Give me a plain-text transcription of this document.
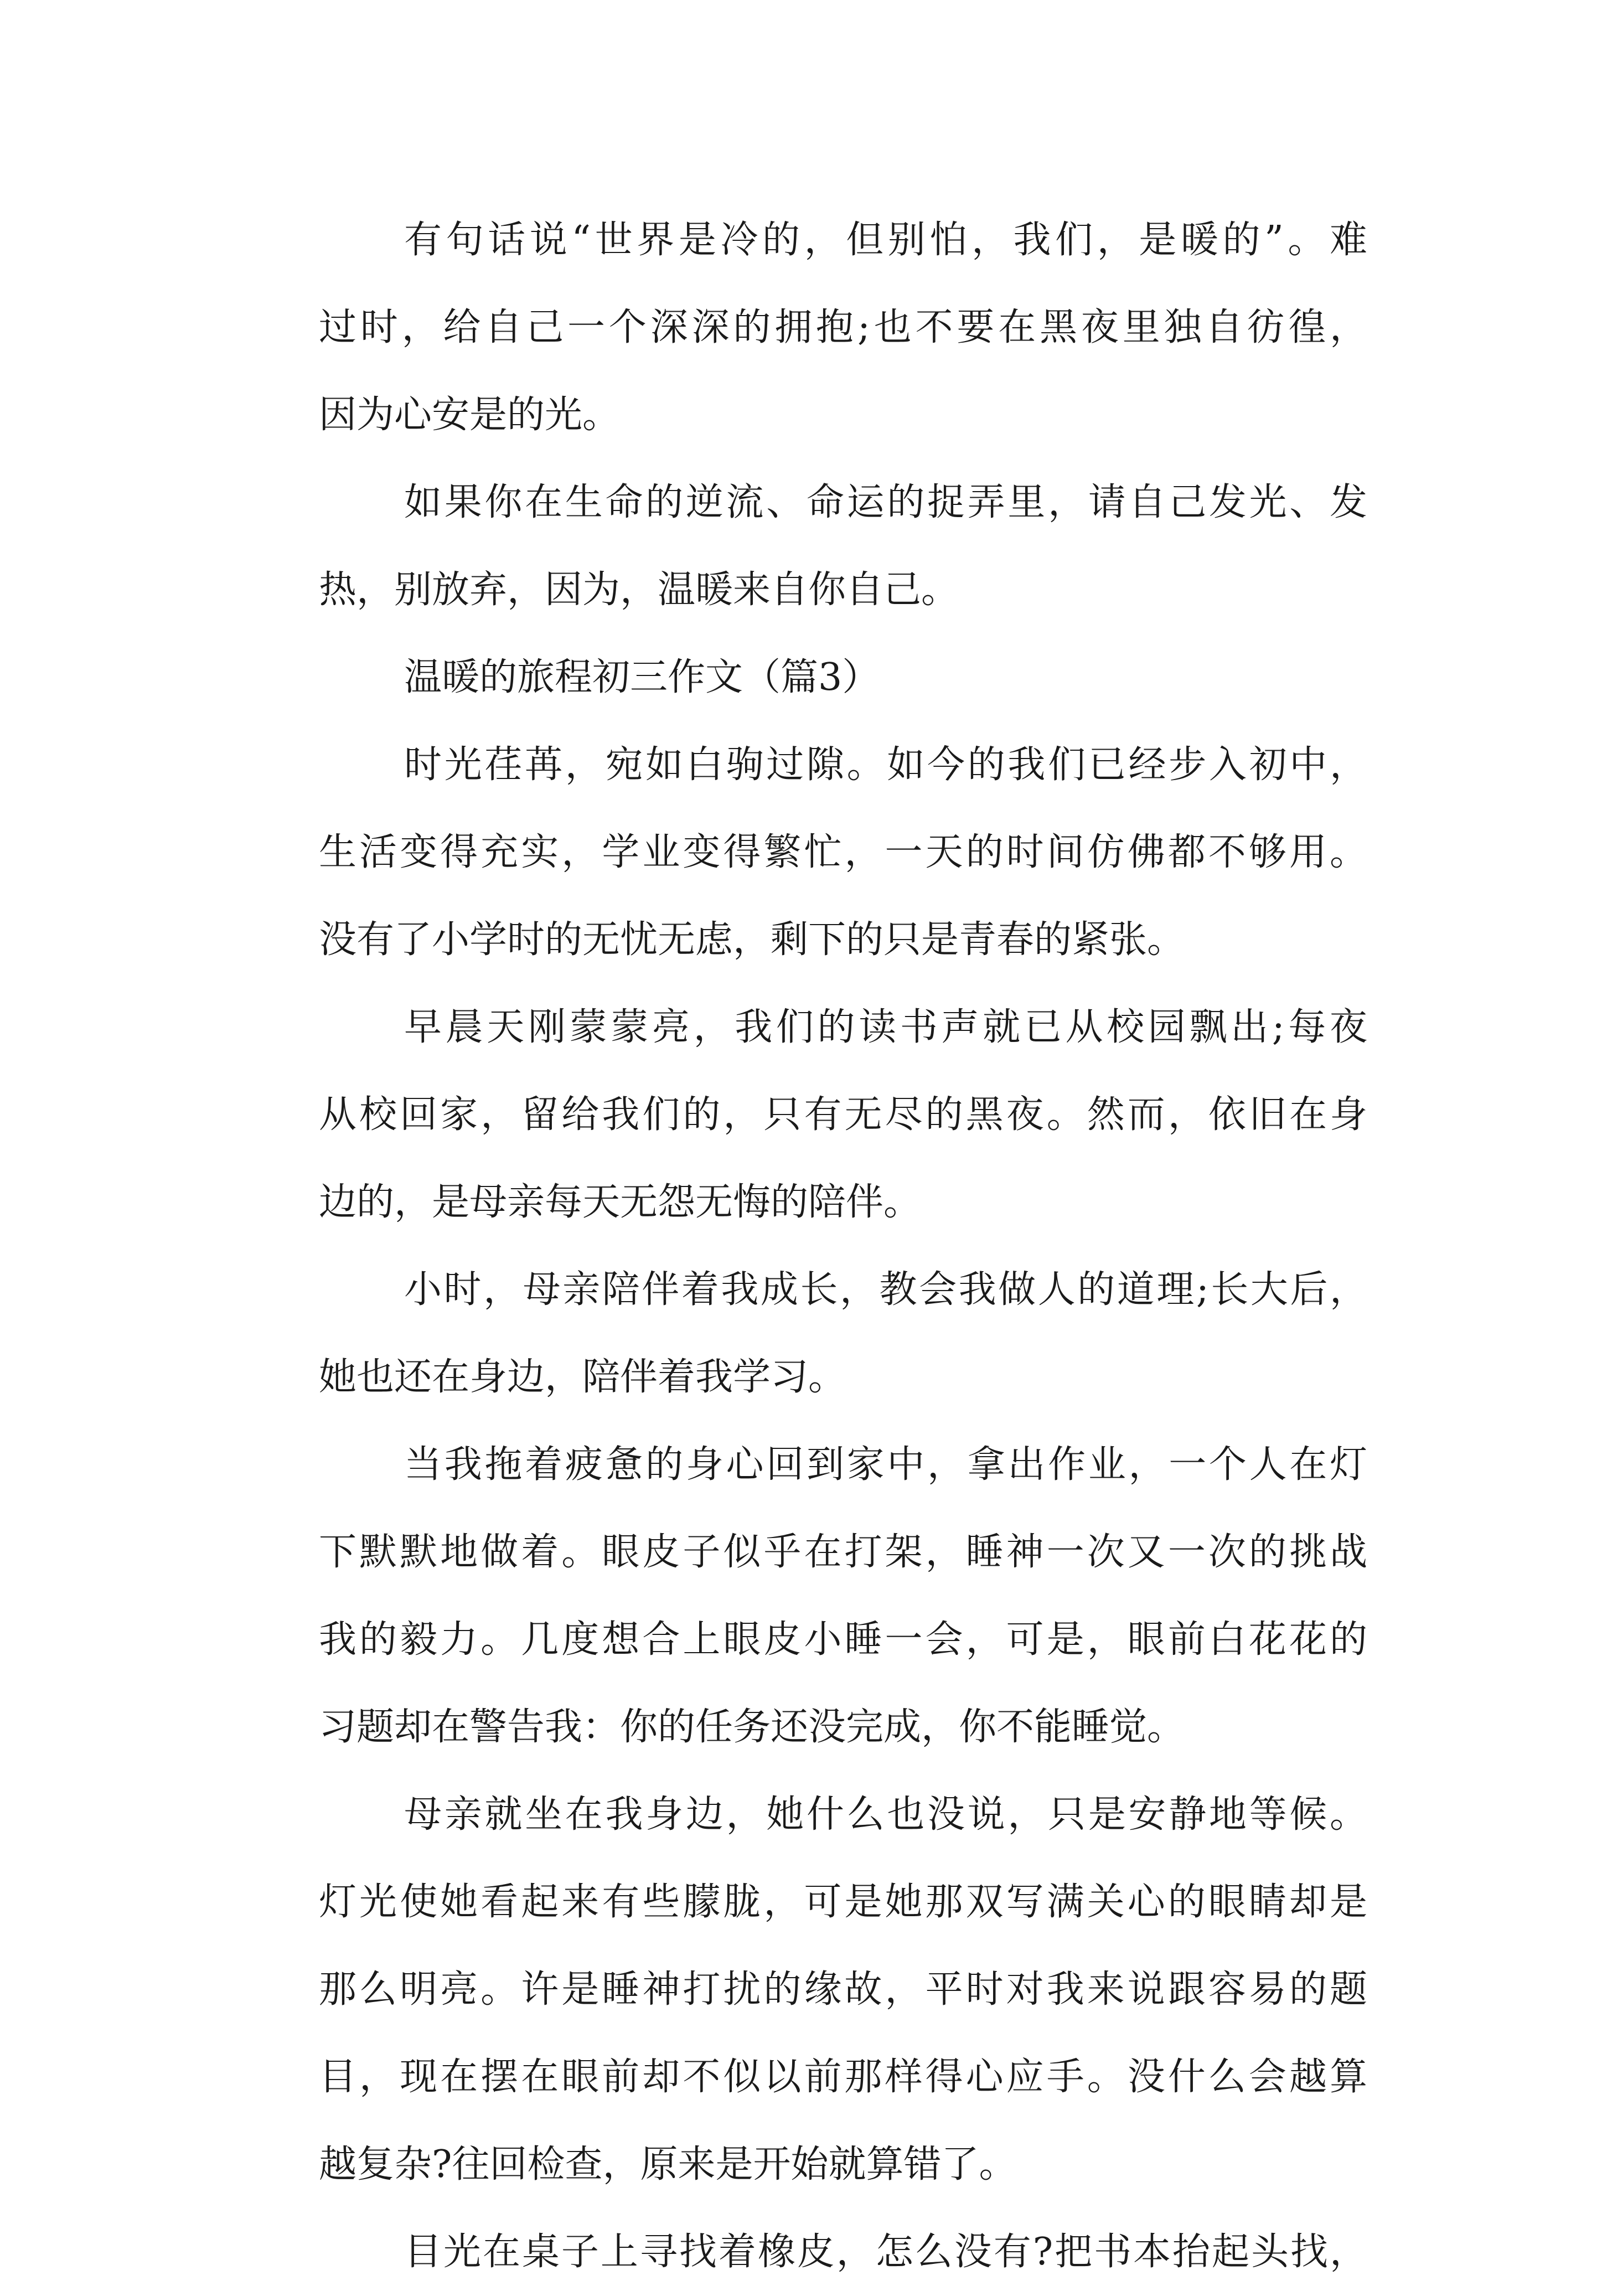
有句话说“世界是冷的，但别怕，我们，是暖的”。难
过时，给自己一个深深的拥抱;也不要在黑夜里独自彷徨，
因为心安是的光。
如果你在生命的逆流、命运的捉弄里，请自己发光、发
热，别放弃，因为，温暖来自你自己。
温暖的旅程初三作文（篇3）
时光荏苒，宛如白驹过隙。如今的我们已经步入初中，
生活变得充实，学业变得繁忙，一天的时间仿佛都不够用。
没有了小学时的无忧无虑，剩下的只是青春的紧张。
早晨天刚蒙蒙亮，我们的读书声就已从校园飘出;每夜
从校回家，留给我们的，只有无尽的黑夜。然而，依旧在身
边的，是母亲每天无怨无悔的陪伴。
小时，母亲陪伴着我成长，教会我做人的道理;长大后，
她也还在身边，陪伴着我学习。
当我拖着疲惫的身心回到家中，拿出作业，一个人在灯
下默默地做着。眼皮子似乎在打架，睡神一次又一次的挑战
我的毅力。几度想合上眼皮小睡一会，可是，眼前白花花的
习题却在警告我：你的任务还没完成，你不能睡觉。
母亲就坐在我身边，她什么也没说，只是安静地等候。
灯光使她看起来有些朦胧，可是她那双写满关心的眼睛却是
那么明亮。许是睡神打扰的缘故，平时对我来说跟容易的题
目，现在摆在眼前却不似以前那样得心应手。没什么会越算
越复杂?往回检查，原来是开始就算错了。
目光在桌子上寻找着橡皮，怎么没有?把书本抬起头找，
